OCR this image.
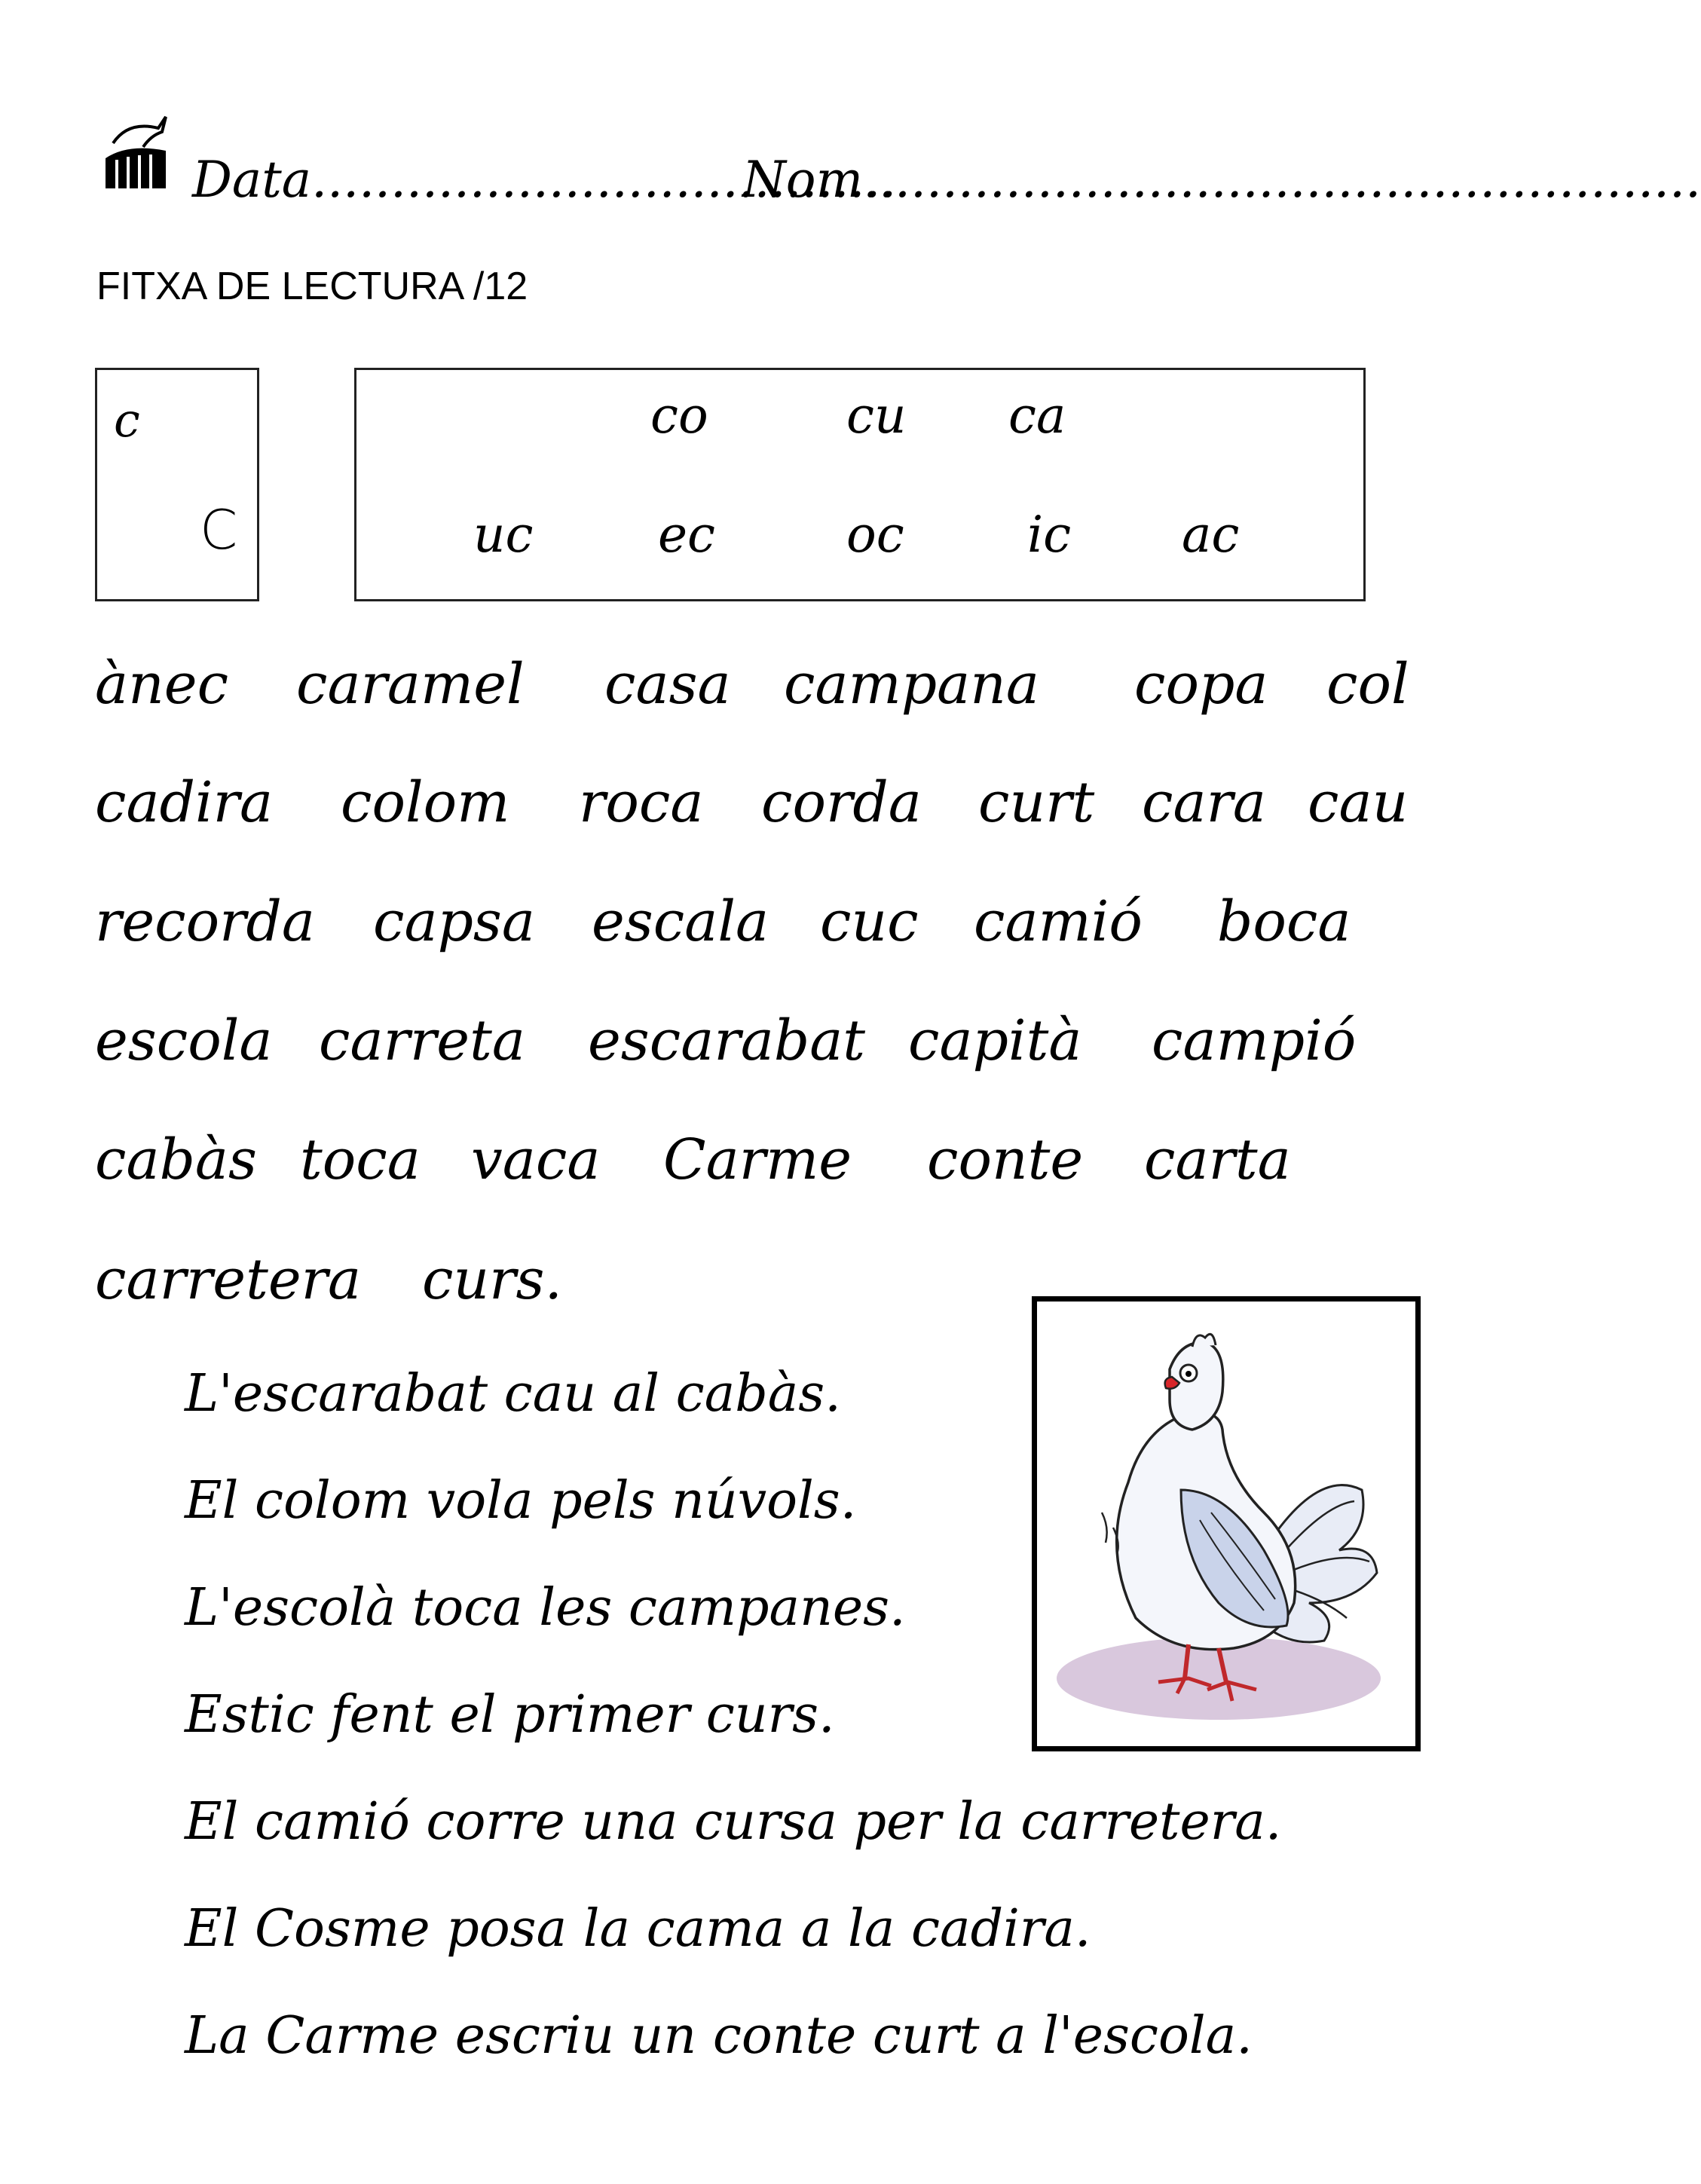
Data.....................................
Nom.....................................................
FITXA DE LECTURA /12
c
C
co	cu ca
uc	ec	oc ic ac
ànec caramel casa campana copa col
cadira colom roca corda curt cara cau
recorda capsa escala cuc camió boca
escola carreta escarabat capità campió
cabàs toca vaca Carme conte carta
carretera curs.
L'escarabat cau al cabàs.
El colom vola pels núvols.
L'escolà toca les campanes.
Estic fent el primer curs.
El camió corre una cursa per la carretera.
El Cosme posa la cama a la cadira.
La Carme escriu un conte curt a l'escola.
